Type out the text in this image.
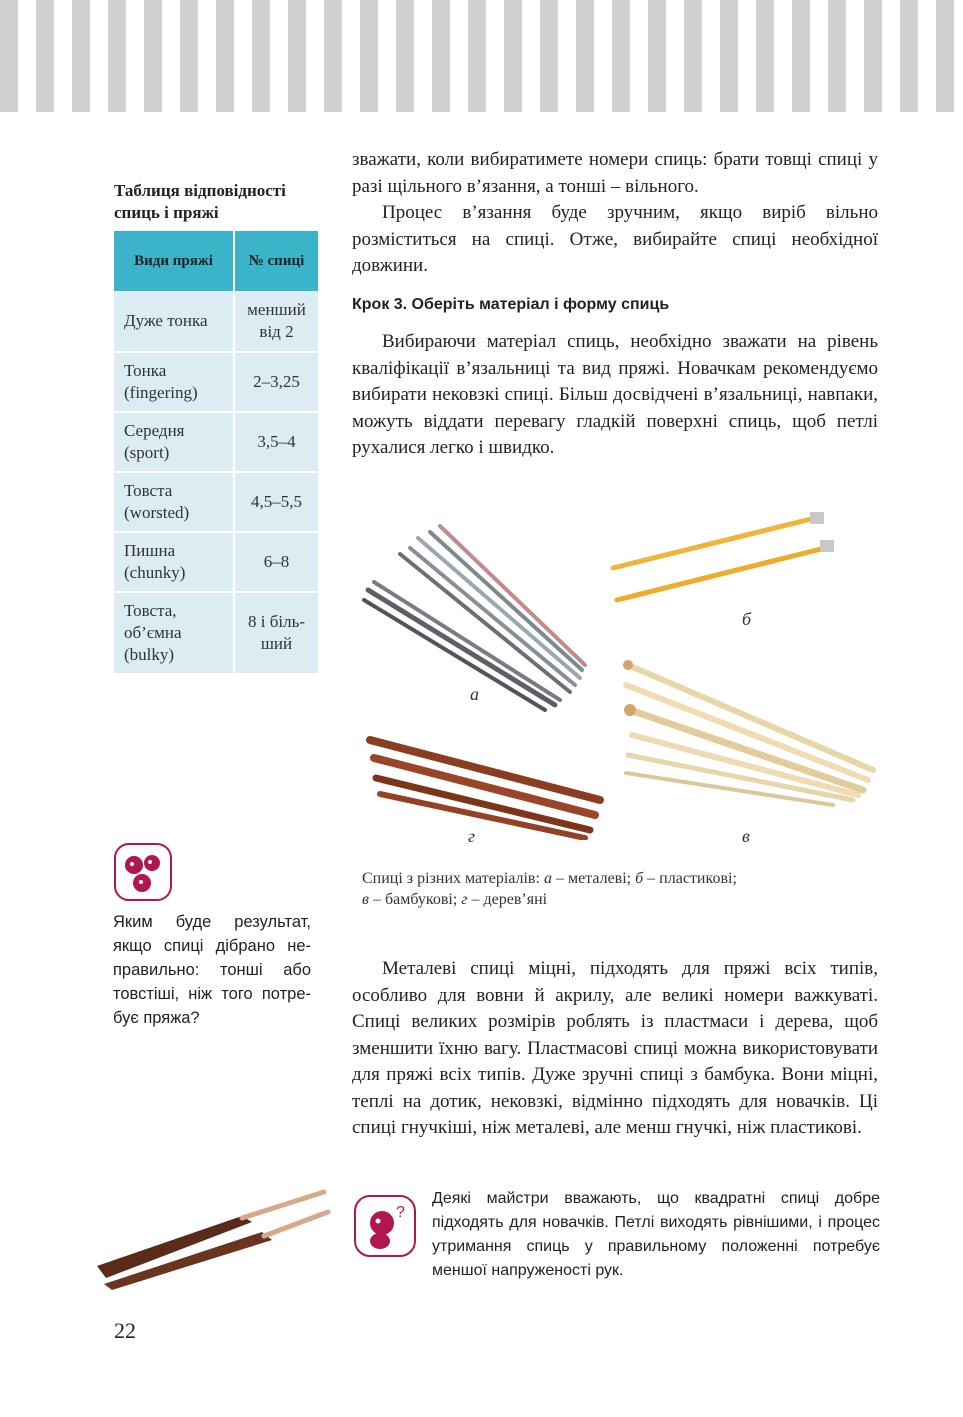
Таблиця відповідності спиць і пряжі
Види пряжі	№ спиці
Дуже тонка	менший від 2
Тонка (fingering)	2–3,25
Середня (sport)	3,5–4
Товста (worsted)	4,5–5,5
Пишна (chunky)	6–8
Товста, об’ємна (bulky)	8 і більший

зважати, коли вибиратимете номери спиць: брати товщі спиці у разі щільного в’язання, а тонші – вільного.

Процес в’язання буде зручним, якщо виріб вільно розміститься на спиці. Отже, вибирайте спиці необхідної довжини.

Крок 3. Оберіть матеріал і форму спиць

Вибираючи матеріал спиць, необхідно зважати на рівень кваліфікації в’язальниці та вид пряжі. Новачкам рекомендуємо вибирати нековзкі спиці. Більш досвідчені в’язальниці, навпаки, можуть віддати перевагу гладкій поверхні спиць, щоб петлі рухалися легко і швидко.

а
б
в
г
Спиці з різних матеріалів: а – металеві; б – пластикові;
в – бамбукові; г – дерев’яні
Яким буде результат, якщо спиці дібрано неправильно: тонші або товстіші, ніж того потребує пряжа?

Металеві спиці міцні, підходять для пряжі всіх типів, особливо для вовни й акрилу, але великі номери важкуваті. Спиці великих розмірів роблять із пластмаси і дерева, щоб зменшити їхню вагу. Пластмасові спиці можна використовувати для пряжі всіх типів. Дуже зручні спиці з бамбука. Вони міцні, теплі на дотик, нековзкі, відмінно підходять для новачків. Ці спиці гнучкіші, ніж металеві, але менш гнучкі, ніж пластикові.

?
Деякі майстри вважають, що квадратні спиці добре підходять для новачків. Петлі виходять рівнішими, і процес утримання спиць у правильному положенні потребує меншої напруженості рук.
22
